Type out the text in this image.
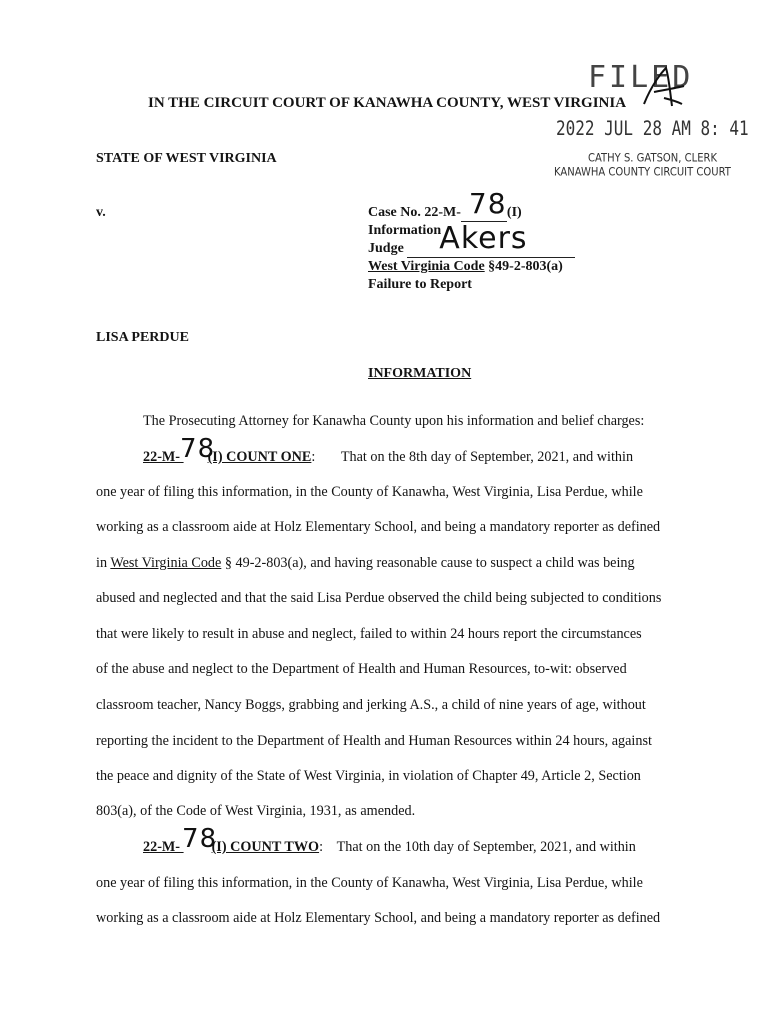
IN THE CIRCUIT COURT OF KANAWHA COUNTY, WEST VIRGINIA
FILED
2022 JUL 28 AM 8: 41
CATHY S. GATSON, CLERK
KANAWHA COUNTY CIRCUIT COURT
STATE OF WEST VIRGINIA
v.	Case No. 22-M- 78 (I)
Information
Judge Akers

West Virginia Code §49-2-803(a)
Failure to Report
LISA PERDUE
INFORMATION
The Prosecuting Attorney for Kanawha County upon his information and belief charges:
22-M- 78
(I) COUNT ONE: That on the 8th day of September, 2021, and within
one year of filing this information, in the County of Kanawha, West Virginia, Lisa Perdue, while
working as a classroom aide at Holz Elementary School, and being a mandatory reporter as defined
in West Virginia Code § 49-2-803(a), and having reasonable cause to suspect a child was being
abused and neglected and that the said Lisa Perdue observed the child being subjected to conditions
that were likely to result in abuse and neglect, failed to within 24 hours report the circumstances
of the abuse and neglect to the Department of Health and Human Resources, to-wit: observed
classroom teacher, Nancy Boggs, grabbing and jerking A.S., a child of nine years of age, without
reporting the incident to the Department of Health and Human Resources within 24 hours, against
the peace and dignity of the State of West Virginia, in violation of Chapter 49, Article 2, Section
803(a), of the Code of West Virginia, 1931, as amended.
22-M- 78
(I) COUNT TWO: That on the 10th day of September, 2021, and within
one year of filing this information, in the County of Kanawha, West Virginia, Lisa Perdue, while
working as a classroom aide at Holz Elementary School, and being a mandatory reporter as defined
